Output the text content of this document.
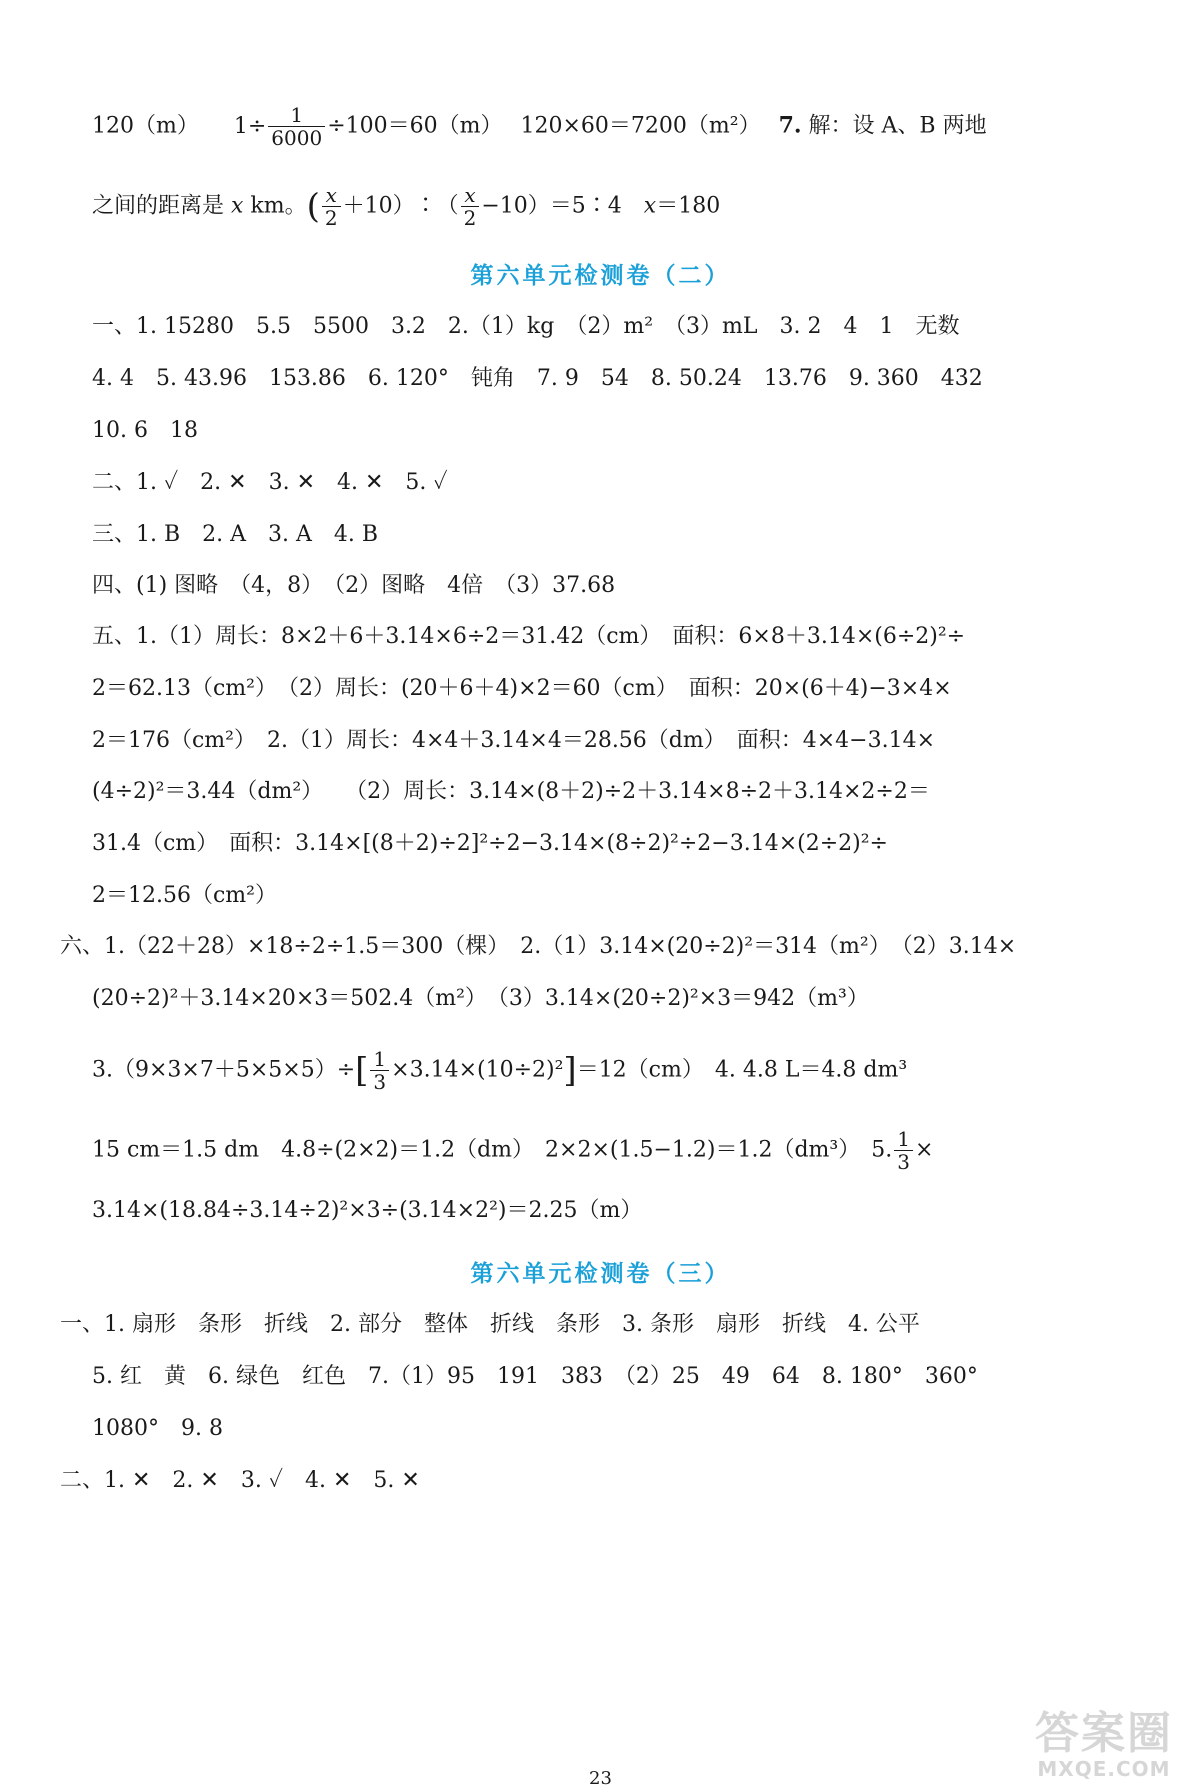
120（m） $1\div \frac{1}{6000} \div 100=60(m)$　 120×60＝7200（m²）　 7. 解：设 A、B 两地
之间的距离是 x km。( $\frac{x}{2}$ ＋10）∶（ $\frac{x}{2}$ −10）＝5∶4　x＝180
第六单元检测卷（二）
一、1. 15280　5.5　5500　3.2　2.（1）kg　（2）m²　（3）mL　3. 2　4　1　无数
4. 4　5. 43.96　153.86　6. 120°　钝角　7. 9　54　8. 50.24　13.76　9. 360　432
10. 6　18
二、1. ✓　2. ✕　3. ✕　4. ✕　5. ✓
三、1. B　2. A　3. A　4. B
四、(1) 图略　（4，8）　（2）图略　4倍　（3）37.68
五、1.（1）周长：8×2＋6＋3.14×6÷2＝31.42（cm）　面积：6×8＋3.14×(6÷2)²÷
2＝62.13（cm²）　（2）周长：(20＋6＋4)×2＝60（cm）　面积：20×(6＋4)−3×4×
2＝176（cm²）　2.（1）周长：4×4＋3.14×4＝28.56（dm）　面积：4×4−3.14×
(4÷2)²＝3.44（dm²）　　（2）周长：3.14×(8＋2)÷2＋3.14×8÷2＋3.14×2÷2＝
31.4（cm）　面积：3.14×[(8＋2)÷2]²÷2−3.14×(8÷2)²÷2−3.14×(2÷2)²÷
2＝12.56（cm²）
六、1.（22＋28）×18÷2÷1.5＝300（棵）　2.（1）3.14×(20÷2)²＝314（m²）　（2）3.14×
(20÷2)²＋3.14×20×3＝502.4（m²）　（3）3.14×(20÷2)²×3＝942（m³）
$3.(9\times 3\times 7+5\times 5\times 5)\div[ \frac{1}{3} \times 3.14\times(10\div 2)^2]=12(cm)$　4. 4.8 L＝4.8 dm³
15 cm＝1.5 dm　4.8÷(2×2)＝1.2（dm）　2×2×(1.5−1.2)＝1.2（dm³）　5. $\frac{1}{3}$ ×
3.14×(18.84÷3.14÷2)²×3÷(3.14×2²)＝2.25（m）
第六单元检测卷（三）
一、1. 扇形　条形　折线　2. 部分　整体　折线　条形　3. 条形　扇形　折线　4. 公平
5. 红　黄　6. 绿色　红色　7.（1）95　191　383　（2）25　49　64　8. 180°　360°
1080°　9. 8
二、1. ✕　2. ✕　3. ✓　4. ✕　5. ✕
23
答案圈
MXQE.COM
